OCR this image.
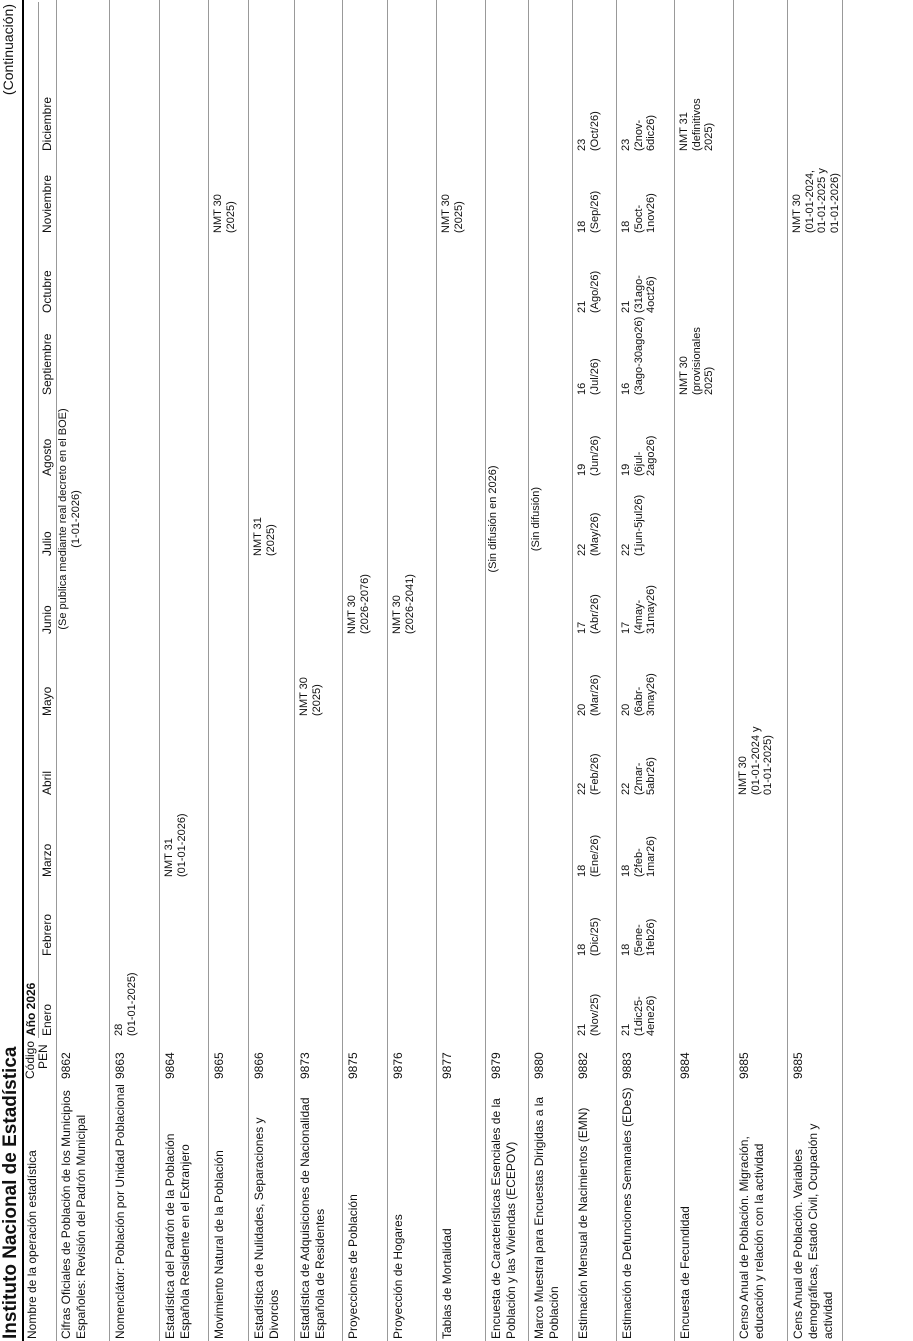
Instituto Nacional de Estadística
(Continuación)
Nombre de la operación estadística
Código PEN
Año 2026 Enero
Febrero
Marzo
Abril
Mayo
Junio
Julio
Agosto
Septiembre
Octubre
Noviembre
Diciembre
Cifras Oficiales de Población de los Municipios Españoles: Revisión del Padrón Municipal
9862
(Se publica mediante real decreto en el BOE)
(1-01-2026)
Nomenclátor: Población por Unidad Poblacional
9863
28
(01-01-2025)
Estadística del Padrón de la Población Española Residente en el Extranjero
9864
NMT 31
(01-01-2026)
Movimiento Natural de la Población
9865
NMT 30
(2025)
Estadística de Nulidades, Separaciones y Divorcios
9866
NMT 31
(2025)
Estadística de Adquisiciones de Nacionalidad Española de Residentes
9873
NMT 30
(2025)
Proyecciones de Población
9875
NMT 30
(2026-2076)
Proyección de Hogares
9876
NMT 30
(2026-2041)
Tablas de Mortalidad
9877
NMT 30
(2025)
Encuesta de Características Esenciales de la Población y las Viviendas (ECEPOV)
9879
(Sin difusión en 2026)
Marco Muestral para Encuestas Dirigidas a la Población
9880
(Sin difusión)
Estimación Mensual de Nacimientos (EMN)
9882
21
(Nov/25)
18
(Dic/25)
18
(Ene/26)
22
(Feb/26)
20
(Mar/26)
17
(Abr/26)
22
(May/26)
19
(Jun/26)
16
(Jul/26)
21
(Ago/26)
18
(Sep/26)
23
(Oct/26)
Estimación de Defunciones Semanales (EDeS)
9883
21
(1dic25-
4ene26)
18
(5ene-
1feb26)
18
(2feb-
1mar26)
22
(2mar-
5abr26)
20
(6abr-
3may26)
17
(4may-
31may26)
22
(1jun-5jul26)
19
(6jul-
2ago26)
16
(3ago-30ago26)
21
(31ago-
4oct26)
18
(5oct-
1nov26)
23
(2nov-
6dic26)
Encuesta de Fecundidad
9884
NMT 30
(provisionales
2025)
NMT 31
(definitivos
2025)
Censo Anual de Población. Migración, educación y relación con la actividad
9885
NMT 30
(01-01-2024 y
01-01-2025)
Cens Anual de Población. Variables demográficas, Estado Civil, Ocupación y actividad
9885
NMT 30
(01-01-2024,
01-01-2025 y
01-01-2026)
